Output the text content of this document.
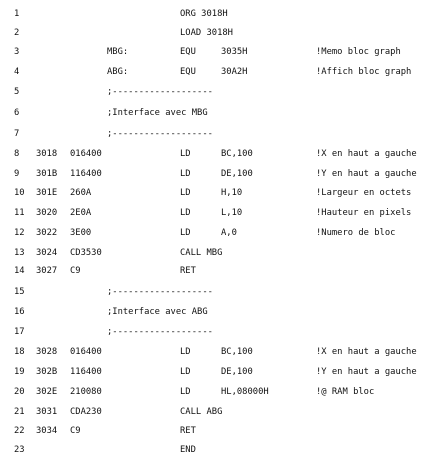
1	ORG 3018H
2	LOAD 3018H
3	MBG:	EQU	3035H	!Memo bloc graph
4	ABG:	EQU	30A2H	!Affich bloc graph
5	;-------------------
6	;Interface avec MBG
7	;-------------------
8 3018 016400	LD	BC,100	!X en haut a gauche
9 301B 116400	LD	DE,100	!Y en haut a gauche
10 301E 260A	LD	H,10	!Largeur en octets
11 3020 2E0A	LD	L,10	!Hauteur en pixels
12 3022 3E00	LD	A,0	!Numero de bloc
13 3024 CD3530	CALL MBG
14 3027 C9	RET
15	;-------------------
16	;Interface avec ABG
17	;-------------------
18 3028 016400	LD	BC,100	!X en haut a gauche
19 302B 116400	LD	DE,100	!Y en haut a gauche
20 302E 210080	LD	HL,08000H	!@ RAM bloc
21 3031 CDA230	CALL ABG
22 3034 C9	RET
23	END
